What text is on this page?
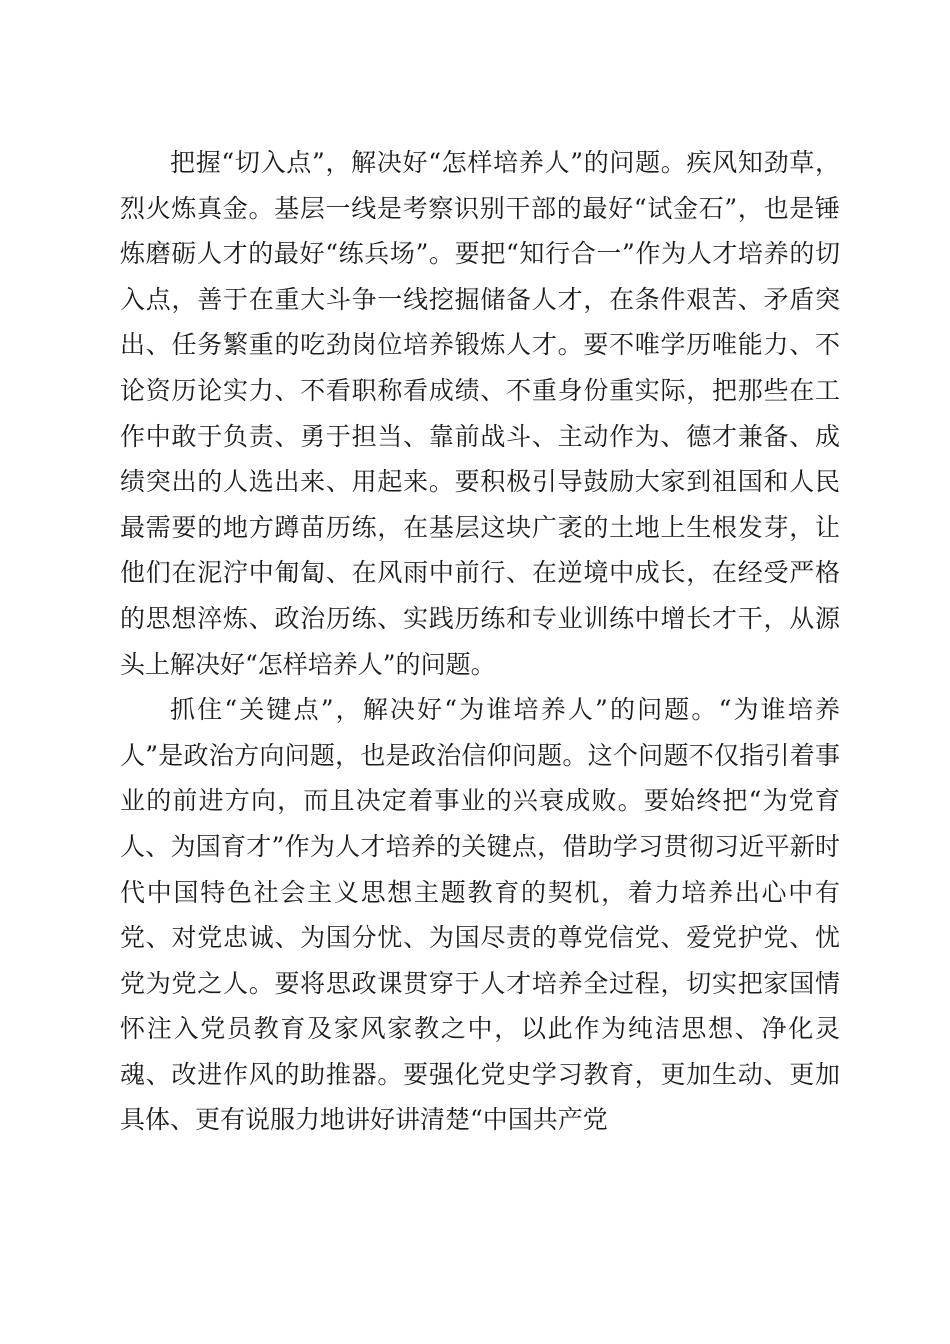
把握“切入点”，解决好“怎样培养人”的问题。疾风知劲草，烈火炼真金。基层一线是考察识别干部的最好“试金石”，也是锤炼磨砺人才的最好“练兵场”。要把“知行合一”作为人才培养的切入点，善于在重大斗争一线挖掘储备人才，在条件艰苦、矛盾突出、任务繁重的吃劲岗位培养锻炼人才。要不唯学历唯能力、不论资历论实力、不看职称看成绩、不重身份重实际，把那些在工作中敢于负责、勇于担当、靠前战斗、主动作为、德才兼备、成绩突出的人选出来、用起来。要积极引导鼓励大家到祖国和人民最需要的地方蹲苗历练，在基层这块广袤的土地上生根发芽，让他们在泥泞中匍匐、在风雨中前行、在逆境中成长，在经受严格的思想淬炼、政治历练、实践历练和专业训练中增长才干，从源头上解决好“怎样培养人”的问题。

抓住“关键点”，解决好“为谁培养人”的问题。“为谁培养人”是政治方向问题，也是政治信仰问题。这个问题不仅指引着事业的前进方向，而且决定着事业的兴衰成败。要始终把“为党育人、为国育才”作为人才培养的关键点，借助学习贯彻习近平新时代中国特色社会主义思想主题教育的契机，着力培养出心中有党、对党忠诚、为国分忧、为国尽责的尊党信党、爱党护党、忧党为党之人。要将思政课贯穿于人才培养全过程，切实把家国情怀注入党员教育及家风家教之中，以此作为纯洁思想、净化灵魂、改进作风的助推器。要强化党史学习教育，更加生动、更加具体、更有说服力地讲好讲清楚“中国共产党
